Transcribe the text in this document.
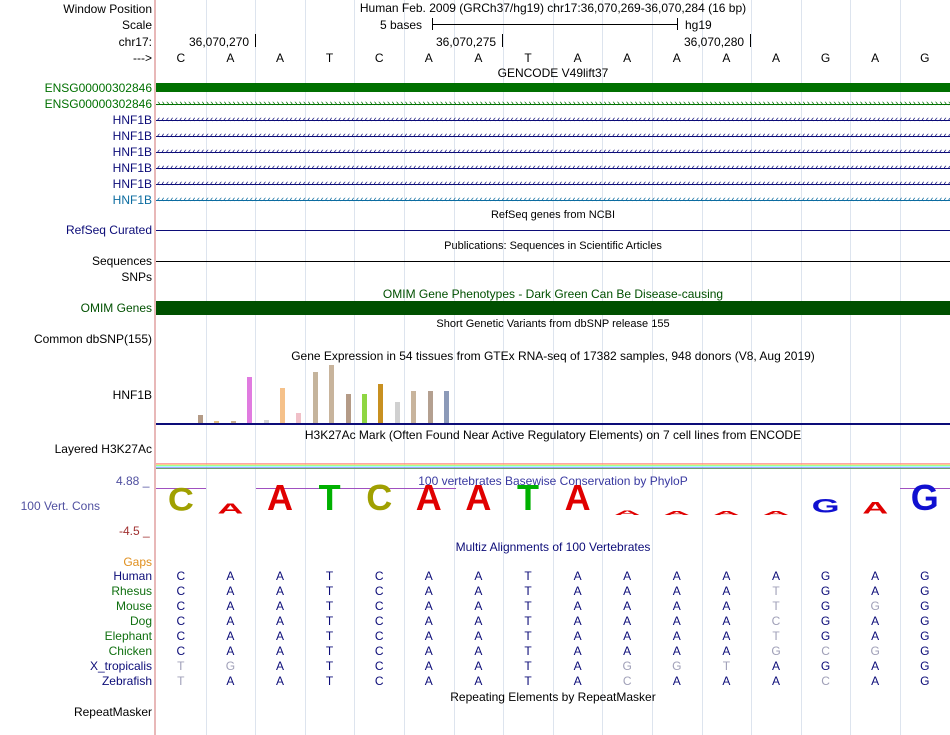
Window Position	Human Feb. 2009 (GRCh37/hg19) chr17:36,070,269-36,070,284 (16 bp)
Scale	5 bases	hg19
chr17:	36,070,270	36,070,275	36,070,280
--->	C	A	A	T	C	A	A	T	A	A	A	A	A	G	A	G
GENCODE V49lift37
ENSG00000302846
ENSG00000302846
HNF1B
HNF1B
HNF1B
HNF1B
HNF1B
HNF1B
RefSeq genes from NCBI
RefSeq Curated
Publications: Sequences in Scientific Articles
Sequences
SNPs
OMIM Gene Phenotypes - Dark Green Can Be Disease-causing
OMIM Genes
Short Genetic Variants from dbSNP release 155
Common dbSNP(155)
Gene Expression in 54 tissues from GTEx RNA-seq of 17382 samples, 948 donors (V8, Aug 2019)
HNF1B
H3K27Ac Mark (Often Found Near Active Regulatory Elements) on 7 cell lines from ENCODE
Layered H3K27Ac
100 vertebrates Basewise Conservation by PhyloP
4.88 _
100 Vert. Cons
-4.5 _
C A A T C A A T A A A A A G A G
Multiz Alignments of 100 Vertebrates
Gaps
Human	C	A	A	T	C	A	A	T	A	A	A	A	A	G	A	G
Rhesus	C	A	A	T	C	A	A	T	A	A	A	A	T	G	A	G
Mouse	C	A	A	T	C	A	A	T	A	A	A	A	T	G	G	G
Dog	C	A	A	T	C	A	A	T	A	A	A	A	C	G	A	G
Elephant	C	A	A	T	C	A	A	T	A	A	A	A	T	G	A	G
Chicken	C	A	A	T	C	A	A	T	A	A	A	A	G	C	G	G
X_tropicalis	T	G	A	T	C	A	A	T	A	G	G	T	A	G	A	G
Zebrafish	T	A	A	T	C	A	A	T	A	C	A	A	A	C	A	G
Repeating Elements by RepeatMasker
RepeatMasker
